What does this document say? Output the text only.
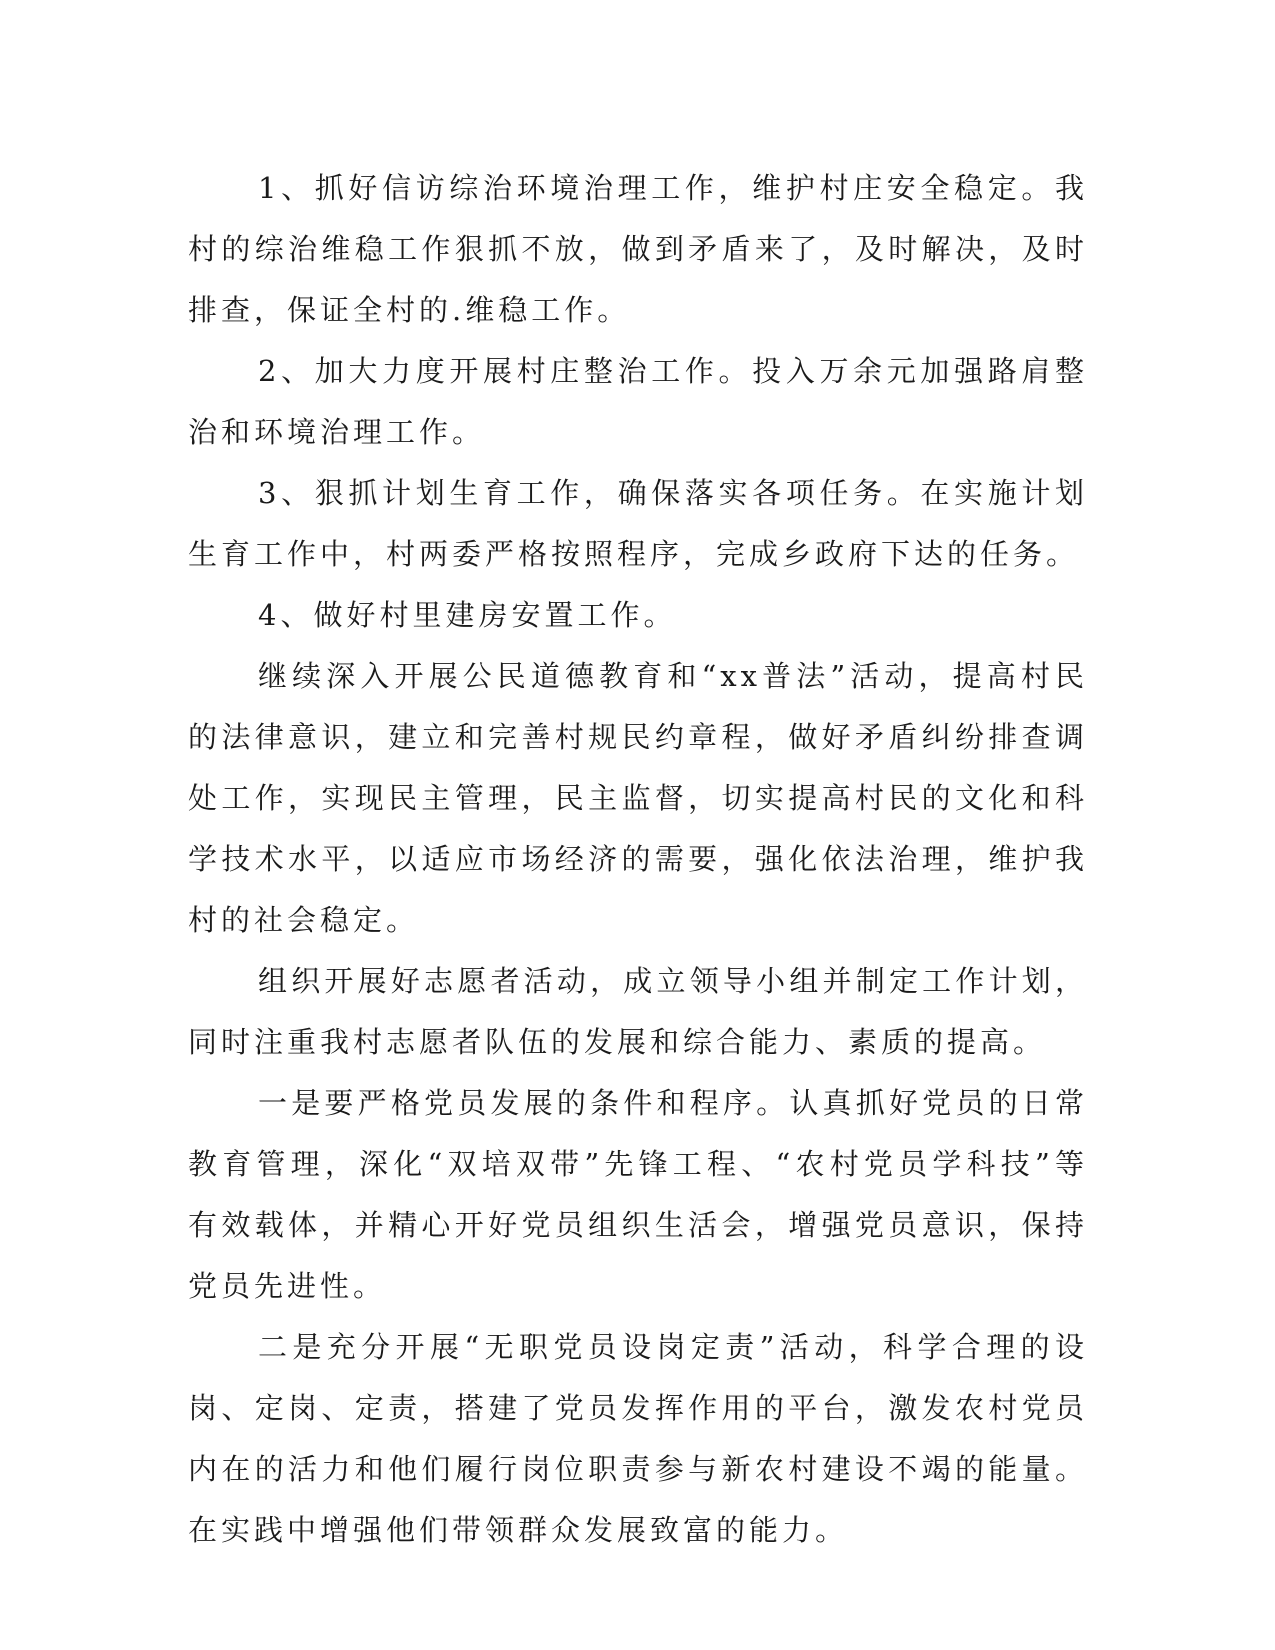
1、抓好信访综治环境治理工作，维护村庄安全稳定。我村的综治维稳工作狠抓不放，做到矛盾来了，及时解决，及时排查，保证全村的.维稳工作。

2、加大力度开展村庄整治工作。投入万余元加强路肩整治和环境治理工作。

3、狠抓计划生育工作，确保落实各项任务。在实施计划生育工作中，村两委严格按照程序，完成乡政府下达的任务。

4、做好村里建房安置工作。

继续深入开展公民道德教育和“xx普法”活动，提高村民的法律意识，建立和完善村规民约章程，做好矛盾纠纷排查调处工作，实现民主管理，民主监督，切实提高村民的文化和科学技术水平，以适应市场经济的需要，强化依法治理，维护我村的社会稳定。

组织开展好志愿者活动，成立领导小组并制定工作计划，同时注重我村志愿者队伍的发展和综合能力、素质的提高。

一是要严格党员发展的条件和程序。认真抓好党员的日常教育管理，深化“双培双带”先锋工程、“农村党员学科技”等有效载体，并精心开好党员组织生活会，增强党员意识，保持党员先进性。

二是充分开展“无职党员设岗定责”活动，科学合理的设岗、定岗、定责，搭建了党员发挥作用的平台，激发农村党员内在的活力和他们履行岗位职责参与新农村建设不竭的能量。在实践中增强他们带领群众发展致富的能力。
